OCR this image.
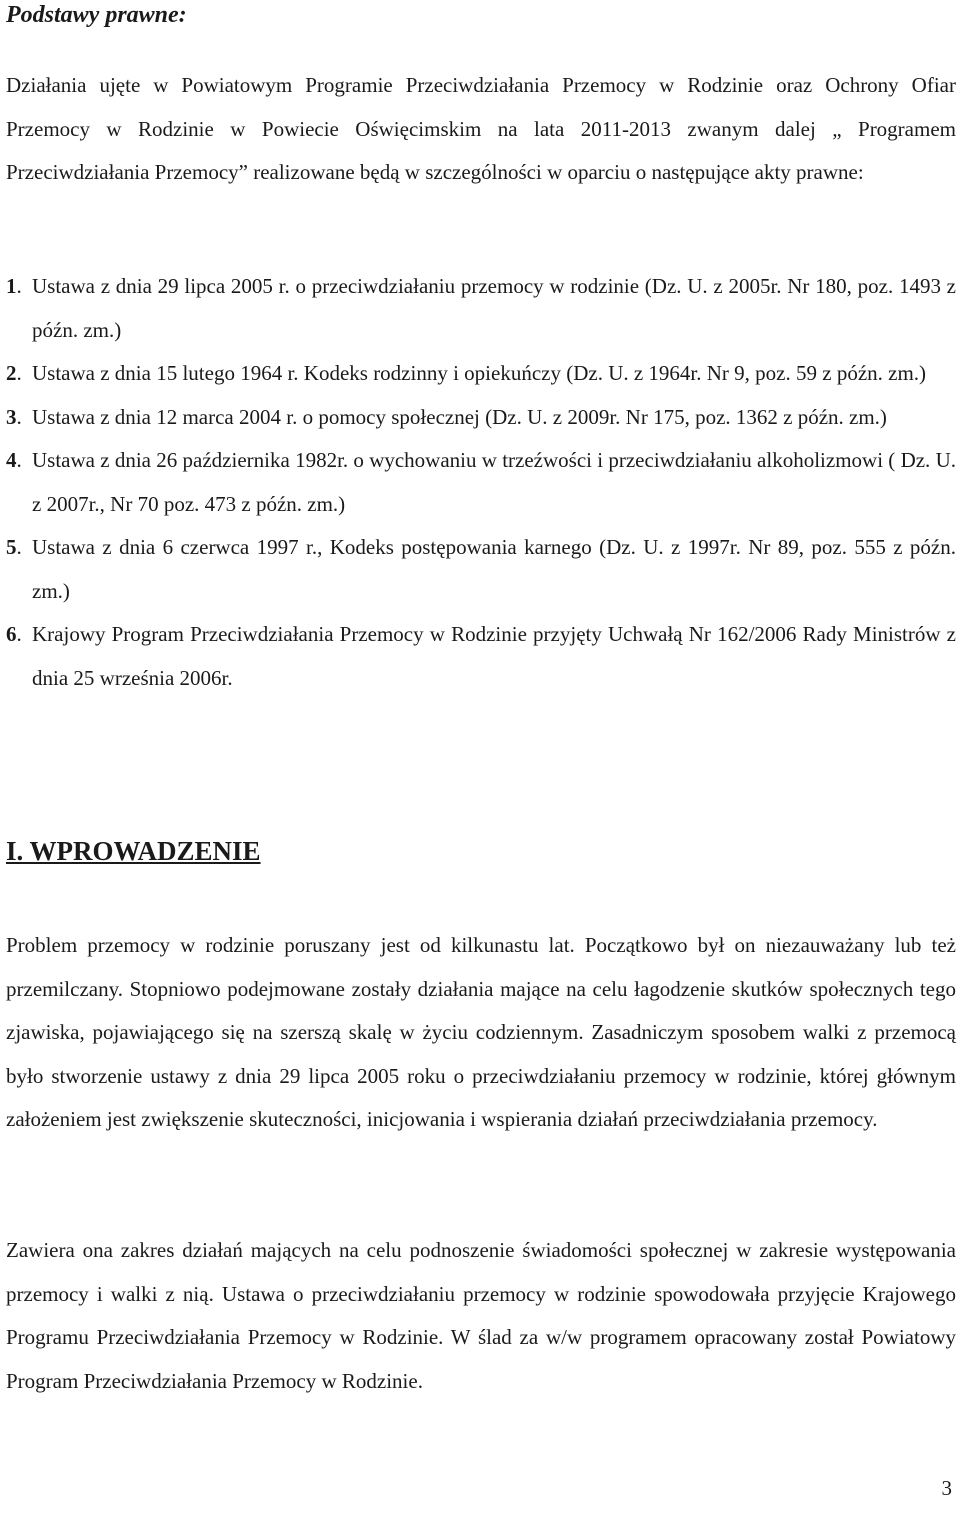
Podstawy prawne:

Działania ujęte w Powiatowym Programie Przeciwdziałania Przemocy w Rodzinie oraz Ochrony Ofiar Przemocy w Rodzinie w Powiecie Oświęcimskim na lata 2011-2013 zwanym dalej „ Programem Przeciwdziałania Przemocy” realizowane będą w szczególności w oparciu o następujące akty prawne:

1 . Ustawa z dnia 29 lipca 2005 r. o przeciwdziałaniu przemocy w rodzinie (Dz. U. z 2005r. Nr 180, poz. 1493 z późn. zm.)
2 . Ustawa z dnia 15 lutego 1964 r. Kodeks rodzinny i opiekuńczy (Dz. U. z 1964r. Nr 9, poz. 59 z późn. zm.)
3 . Ustawa z dnia 12 marca 2004 r. o pomocy społecznej (Dz. U. z 2009r. Nr 175, poz. 1362 z późn. zm.)
4 . Ustawa z dnia 26 października 1982r. o wychowaniu w trzeźwości i przeciwdziałaniu alkoholizmowi ( Dz. U. z 2007r., Nr 70 poz. 473 z późn. zm.)
5 . Ustawa z dnia 6 czerwca 1997 r., Kodeks postępowania karnego (Dz. U. z 1997r. Nr 89, poz. 555 z późn. zm.)
6 . Krajowy Program Przeciwdziałania Przemocy w Rodzinie przyjęty Uchwałą Nr 162/2006 Rady Ministrów z dnia 25 września 2006r.
I. WPROWADZENIE

Problem przemocy w rodzinie poruszany jest od kilkunastu lat. Początkowo był on niezauważany lub też przemilczany. Stopniowo podejmowane zostały działania mające na celu łagodzenie skutków społecznych tego zjawiska, pojawiającego się na szerszą skalę w życiu codziennym. Zasadniczym sposobem walki z przemocą było stworzenie ustawy z dnia 29 lipca 2005 roku o przeciwdziałaniu przemocy w rodzinie, której głównym założeniem jest zwiększenie skuteczności, inicjowania i wspierania działań przeciwdziałania przemocy.

Zawiera ona zakres działań mających na celu podnoszenie świadomości społecznej w zakresie występowania przemocy i walki z nią. Ustawa o przeciwdziałaniu przemocy w rodzinie spowodowała przyjęcie Krajowego Programu Przeciwdziałania Przemocy w Rodzinie. W ślad za w/w programem opracowany został Powiatowy Program Przeciwdziałania Przemocy w Rodzinie.

3
